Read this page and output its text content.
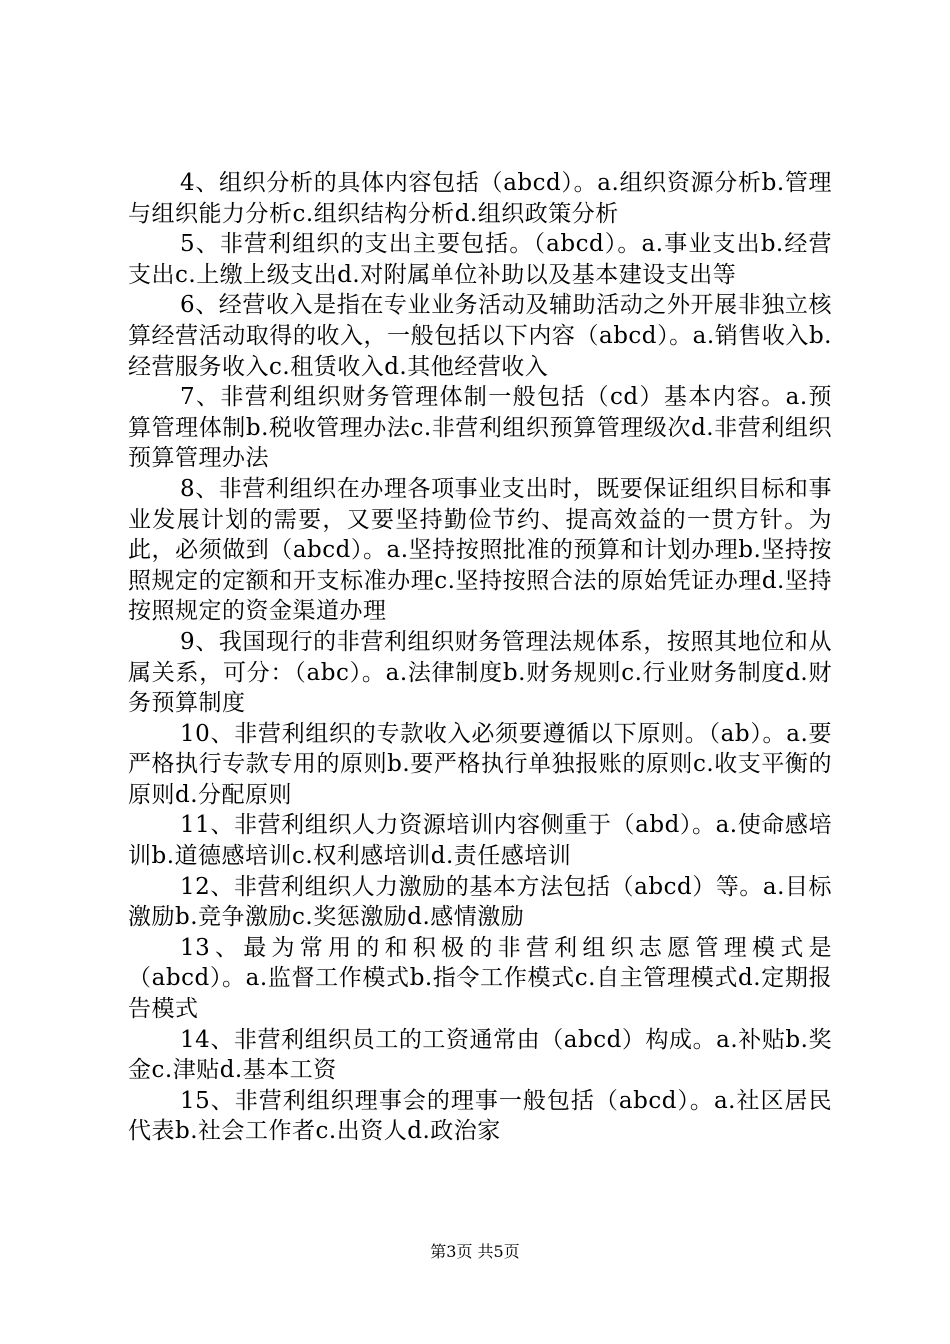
4、组织分析的具体内容包括（abcd）。a.组织资源分析b.管理与组织能力分析c.组织结构分析d.组织政策分析

5、非营利组织的支出主要包括。（abcd）。a.事业支出b.经营支出c.上缴上级支出d.对附属单位补助以及基本建设支出等

6、经营收入是指在专业业务活动及辅助活动之外开展非独立核算经营活动取得的收入，一般包括以下内容（abcd）。a.销售收入b.经营服务收入c.租赁收入d.其他经营收入

7、非营利组织财务管理体制一般包括（cd）基本内容。a.预算管理体制b.税收管理办法c.非营利组织预算管理级次d.非营利组织预算管理办法

8、非营利组织在办理各项事业支出时，既要保证组织目标和事业发展计划的需要，又要坚持勤俭节约、提高效益的一贯方针。为此，必须做到（abcd）。a.坚持按照批准的预算和计划办理b.坚持按照规定的定额和开支标准办理c.坚持按照合法的原始凭证办理d.坚持按照规定的资金渠道办理

9、我国现行的非营利组织财务管理法规体系，按照其地位和从属关系，可分：（abc）。a.法律制度b.财务规则c.行业财务制度d.财务预算制度

10、非营利组织的专款收入必须要遵循以下原则。（ab）。a.要严格执行专款专用的原则b.要严格执行单独报账的原则c.收支平衡的原则d.分配原则

11、非营利组织人力资源培训内容侧重于（abd）。a.使命感培训b.道德感培训c.权利感培训d.责任感培训

12、非营利组织人力激励的基本方法包括（abcd）等。a.目标激励b.竞争激励c.奖惩激励d.感情激励

13、最为常用的和积极的非营利组织志愿管理模式是（abcd）。a.监督工作模式b.指令工作模式c.自主管理模式d.定期报告模式

14、非营利组织员工的工资通常由（abcd）构成。a.补贴b.奖金c.津贴d.基本工资

15、非营利组织理事会的理事一般包括（abcd）。a.社区居民代表b.社会工作者c.出资人d.政治家

第3页 共5页
